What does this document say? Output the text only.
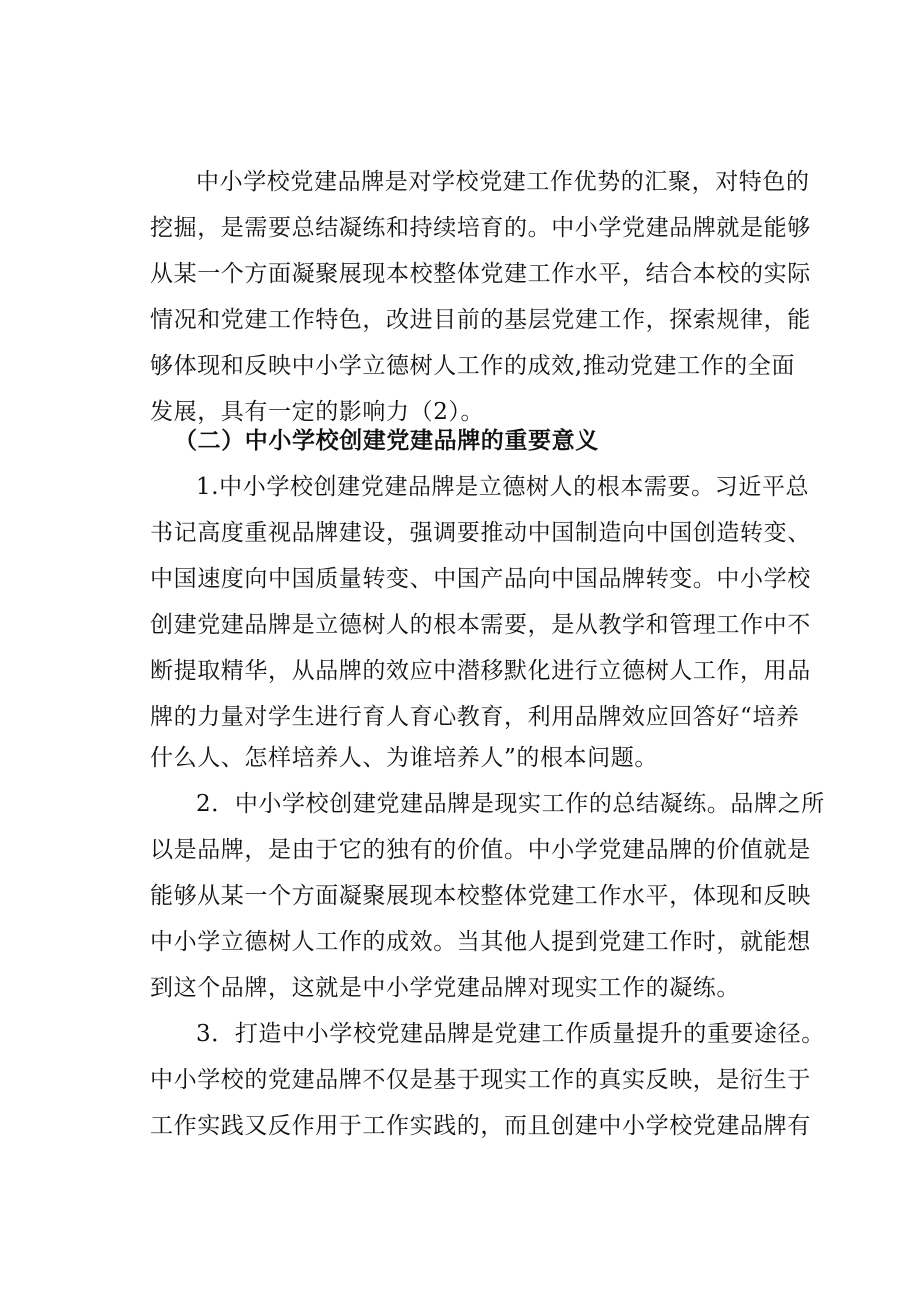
中小学校党建品牌是对学校党建工作优势的汇聚，对特色的
挖掘，是需要总结凝练和持续培育的。中小学党建品牌就是能够
从某一个方面凝聚展现本校整体党建工作水平，结合本校的实际
情况和党建工作特色，改进目前的基层党建工作，探索规律，能
够体现和反映中小学立德树人工作的成效,推动党建工作的全面
发展，具有一定的影响力（2）。
（二）中小学校创建党建品牌的重要意义
1.中小学校创建党建品牌是立德树人的根本需要。习近平总
书记高度重视品牌建设，强调要推动中国制造向中国创造转变、
中国速度向中国质量转变、中国产品向中国品牌转变。中小学校
创建党建品牌是立德树人的根本需要，是从教学和管理工作中不
断提取精华，从品牌的效应中潜移默化进行立德树人工作，用品
牌的力量对学生进行育人育心教育，利用品牌效应回答好“培养
什么人、怎样培养人、为谁培养人”的根本问题。
2．中小学校创建党建品牌是现实工作的总结凝练。品牌之所
以是品牌，是由于它的独有的价值。中小学党建品牌的价值就是
能够从某一个方面凝聚展现本校整体党建工作水平，体现和反映
中小学立德树人工作的成效。当其他人提到党建工作时，就能想
到这个品牌，这就是中小学党建品牌对现实工作的凝练。
3．打造中小学校党建品牌是党建工作质量提升的重要途径。
中小学校的党建品牌不仅是基于现实工作的真实反映，是衍生于
工作实践又反作用于工作实践的，而且创建中小学校党建品牌有
